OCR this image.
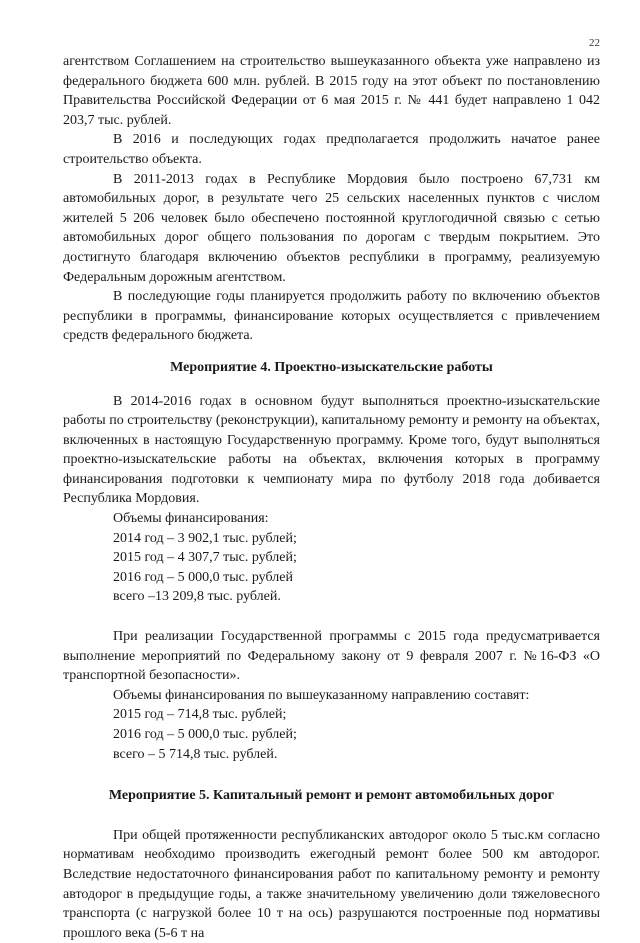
22

агентством Соглашением на строительство вышеуказанного объекта уже направлено из федерального бюджета 600 млн. рублей. В 2015 году на этот объект по постановлению Правительства Российской Федерации от 6 мая 2015 г. № 441 будет направлено 1 042 203,7 тыс. рублей.

В 2016 и последующих годах предполагается продолжить начатое ранее строительство объекта.

В 2011-2013 годах в Республике Мордовия было построено 67,731 км автомобильных дорог, в результате чего 25 сельских населенных пунктов с числом жителей 5 206 человек было обеспечено постоянной круглогодичной связью с сетью автомобильных дорог общего пользования по дорогам с твердым покрытием. Это достигнуто благодаря включению объектов республики в программу, реализуемую Федеральным дорожным агентством.

В последующие годы планируется продолжить работу по включению объектов республики в программы, финансирование которых осуществляется с привлечением средств федерального бюджета.

Мероприятие 4. Проектно-изыскательские работы

В 2014-2016 годах в основном будут выполняться проектно-изыскательские работы по строительству (реконструкции), капитальному ремонту и ремонту на объектах, включенных в настоящую Государственную программу. Кроме того, будут выполняться проектно-изыскательские работы на объектах, включения которых в программу финансирования подготовки к чемпионату мира по футболу 2018 года добивается Республика Мордовия.

Объемы финансирования:
2014 год – 3 902,1 тыс. рублей;
2015 год – 4 307,7 тыс. рублей;
2016 год – 5 000,0 тыс. рублей
всего –13 209,8 тыс. рублей.

При реализации Государственной программы с 2015 года предусматривается выполнение мероприятий по Федеральному закону от 9 февраля 2007 г. №16-ФЗ «О транспортной безопасности».

Объемы финансирования по вышеуказанному направлению составят:
2015 год – 714,8 тыс. рублей;
2016 год – 5 000,0 тыс. рублей;
всего – 5 714,8 тыс. рублей.
Мероприятие 5. Капитальный ремонт и ремонт автомобильных дорог

При общей протяженности республиканских автодорог около 5 тыс.км согласно нормативам необходимо производить ежегодный ремонт более 500 км автодорог. Вследствие недостаточного финансирования работ по капитальному ремонту и ремонту автодорог в предыдущие годы, а также значительному увеличению доли тяжеловесного транспорта (с нагрузкой более 10 т на ось) разрушаются построенные под нормативы прошлого века (5-6 т на
